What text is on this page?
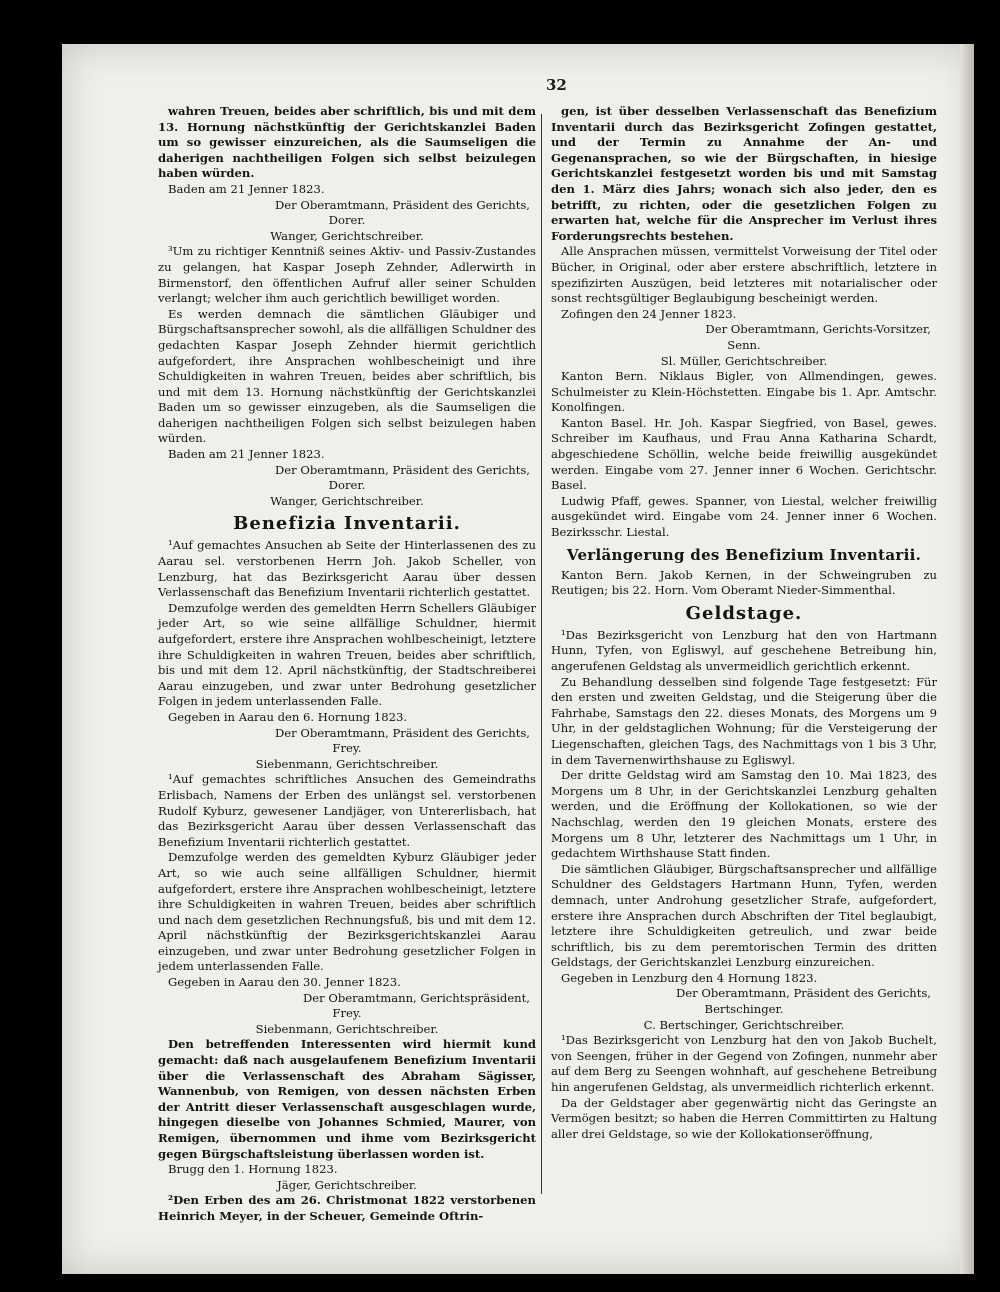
32

wahren Treuen, beides aber schriftlich, bis und mit dem 13. Hornung nächstkünftig der Gerichtskanzlei Baden um so gewisser einzureichen, als die Saumseligen die daherigen nachtheiligen Folgen sich selbst beizulegen haben würden.

Baden am 21 Jenner 1823.

Der Oberamtmann, Präsident des Gerichts,

Dorer.

Wanger, Gerichtschreiber.

³Um zu richtiger Kenntniß seines Aktiv- und Passiv-Zustandes zu gelangen, hat Kaspar Joseph Zehnder, Adlerwirth in Birmenstorf, den öffentlichen Aufruf aller seiner Schulden verlangt; welcher ihm auch gerichtlich bewilliget worden.

Es werden demnach die sämtlichen Gläubiger und Bürgschaftsansprecher sowohl, als die allfälligen Schuldner des gedachten Kaspar Joseph Zehnder hiermit gerichtlich aufgefordert, ihre Ansprachen wohlbescheinigt und ihre Schuldigkeiten in wahren Treuen, beides aber schriftlich, bis und mit dem 13. Hornung nächstkünftig der Gerichtskanzlei Baden um so gewisser einzugeben, als die Saumseligen die daherigen nachtheiligen Folgen sich selbst beizulegen haben würden.

Baden am 21 Jenner 1823.

Der Oberamtmann, Präsident des Gerichts,

Dorer.

Wanger, Gerichtschreiber.

Benefizia Inventarii.

¹Auf gemachtes Ansuchen ab Seite der Hinterlassenen des zu Aarau sel. verstorbenen Herrn Joh. Jakob Scheller, von Lenzburg, hat das Bezirksgericht Aarau über dessen Verlassenschaft das Benefizium Inventarii richterlich gestattet.

Demzufolge werden des gemeldten Herrn Schellers Gläubiger jeder Art, so wie seine allfällige Schuldner, hiermit aufgefordert, erstere ihre Ansprachen wohlbescheinigt, letztere ihre Schuldigkeiten in wahren Treuen, beides aber schriftlich, bis und mit dem 12. April nächstkünftig, der Stadtschreiberei Aarau einzugeben, und zwar unter Bedrohung gesetzlicher Folgen in jedem unterlassenden Falle.

Gegeben in Aarau den 6. Hornung 1823.

Der Oberamtmann, Präsident des Gerichts,

Frey.

Siebenmann, Gerichtschreiber.

¹Auf gemachtes schriftliches Ansuchen des Gemeindraths Erlisbach, Namens der Erben des unlängst sel. verstorbenen Rudolf Kyburz, gewesener Landjäger, von Untererlisbach, hat das Bezirksgericht Aarau über dessen Verlassenschaft das Benefizium Inventarii richterlich gestattet.

Demzufolge werden des gemeldten Kyburz Gläubiger jeder Art, so wie auch seine allfälligen Schuldner, hiermit aufgefordert, erstere ihre Ansprachen wohlbescheinigt, letztere ihre Schuldigkeiten in wahren Treuen, beides aber schriftlich und nach dem gesetzlichen Rechnungsfuß, bis und mit dem 12. April nächstkünftig der Bezirksgerichtskanzlei Aarau einzugeben, und zwar unter Bedrohung gesetzlicher Folgen in jedem unterlassenden Falle.

Gegeben in Aarau den 30. Jenner 1823.

Der Oberamtmann, Gerichtspräsident,

Frey.

Siebenmann, Gerichtschreiber.

Den betreffenden Interessenten wird hiermit kund gemacht: daß nach ausgelaufenem Benefizium Inventarii über die Verlassenschaft des Abraham Sägisser, Wannenbub, von Remigen, von dessen nächsten Erben der Antritt dieser Verlassenschaft ausgeschlagen wurde, hingegen dieselbe von Johannes Schmied, Maurer, von Remigen, übernommen und ihme vom Bezirksgericht gegen Bürgschaftsleistung überlassen worden ist.

Brugg den 1. Hornung 1823.

Jäger, Gerichtschreiber.

²Den Erben des am 26. Christmonat 1822 verstorbenen Heinrich Meyer, in der Scheuer, Gemeinde Oftrin-

gen, ist über desselben Verlassenschaft das Benefizium Inventarii durch das Bezirksgericht Zofingen gestattet, und der Termin zu Annahme der An- und Gegenansprachen, so wie der Bürgschaften, in hiesige Gerichtskanzlei festgesetzt worden bis und mit Samstag den 1. März dies Jahrs; wonach sich also jeder, den es betrifft, zu richten, oder die gesetzlichen Folgen zu erwarten hat, welche für die Ansprecher im Verlust ihres Forderungsrechts bestehen.

Alle Ansprachen müssen, vermittelst Vorweisung der Titel oder Bücher, in Original, oder aber erstere abschriftlich, letztere in spezifizirten Auszügen, beid letzteres mit notarialischer oder sonst rechtsgültiger Beglaubigung bescheinigt werden.

Zofingen den 24 Jenner 1823.

Der Oberamtmann, Gerichts-Vorsitzer,

Senn.

Sl. Müller, Gerichtschreiber.

Kanton Bern. Niklaus Bigler, von Allmendingen, gewes. Schulmeister zu Klein-Höchstetten. Eingabe bis 1. Apr. Amtschr. Konolfingen.

Kanton Basel. Hr. Joh. Kaspar Siegfried, von Basel, gewes. Schreiber im Kaufhaus, und Frau Anna Katharina Schardt, abgeschiedene Schöllin, welche beide freiwillig ausgekündet werden. Eingabe vom 27. Jenner inner 6 Wochen. Gerichtschr. Basel.

Ludwig Pfaff, gewes. Spanner, von Liestal, welcher freiwillig ausgekündet wird. Eingabe vom 24. Jenner inner 6 Wochen. Bezirksschr. Liestal.

Verlängerung des Benefizium Inventarii.

Kanton Bern. Jakob Kernen, in der Schweingruben zu Reutigen; bis 22. Horn. Vom Oberamt Nieder-Simmenthal.

Geldstage.

¹Das Bezirksgericht von Lenzburg hat den von Hartmann Hunn, Tyfen, von Egliswyl, auf geschehene Betreibung hin, angerufenen Geldstag als unvermeidlich gerichtlich erkennt.

Zu Behandlung desselben sind folgende Tage festgesetzt: Für den ersten und zweiten Geldstag, und die Steigerung über die Fahrhabe, Samstags den 22. dieses Monats, des Morgens um 9 Uhr, in der geldstaglichen Wohnung; für die Versteigerung der Liegenschaften, gleichen Tags, des Nachmittags von 1 bis 3 Uhr, in dem Tavernenwirthshause zu Egliswyl.

Der dritte Geldstag wird am Samstag den 10. Mai 1823, des Morgens um 8 Uhr, in der Gerichtskanzlei Lenzburg gehalten werden, und die Eröffnung der Kollokationen, so wie der Nachschlag, werden den 19 gleichen Monats, erstere des Morgens um 8 Uhr, letzterer des Nachmittags um 1 Uhr, in gedachtem Wirthshause Statt finden.

Die sämtlichen Gläubiger, Bürgschaftsansprecher und allfällige Schuldner des Geldstagers Hartmann Hunn, Tyfen, werden demnach, unter Androhung gesetzlicher Strafe, aufgefordert, erstere ihre Ansprachen durch Abschriften der Titel beglaubigt, letztere ihre Schuldigkeiten getreulich, und zwar beide schriftlich, bis zu dem peremtorischen Termin des dritten Geldstags, der Gerichtskanzlei Lenzburg einzureichen.

Gegeben in Lenzburg den 4 Hornung 1823.

Der Oberamtmann, Präsident des Gerichts,

Bertschinger.

C. Bertschinger, Gerichtschreiber.

¹Das Bezirksgericht von Lenzburg hat den von Jakob Buchelt, von Seengen, früher in der Gegend von Zofingen, nunmehr aber auf dem Berg zu Seengen wohnhaft, auf geschehene Betreibung hin angerufenen Geldstag, als unvermeidlich richterlich erkennt.

Da der Geldstager aber gegenwärtig nicht das Geringste an Vermögen besitzt; so haben die Herren Committirten zu Haltung aller drei Geldstage, so wie der Kollokationseröffnung,
